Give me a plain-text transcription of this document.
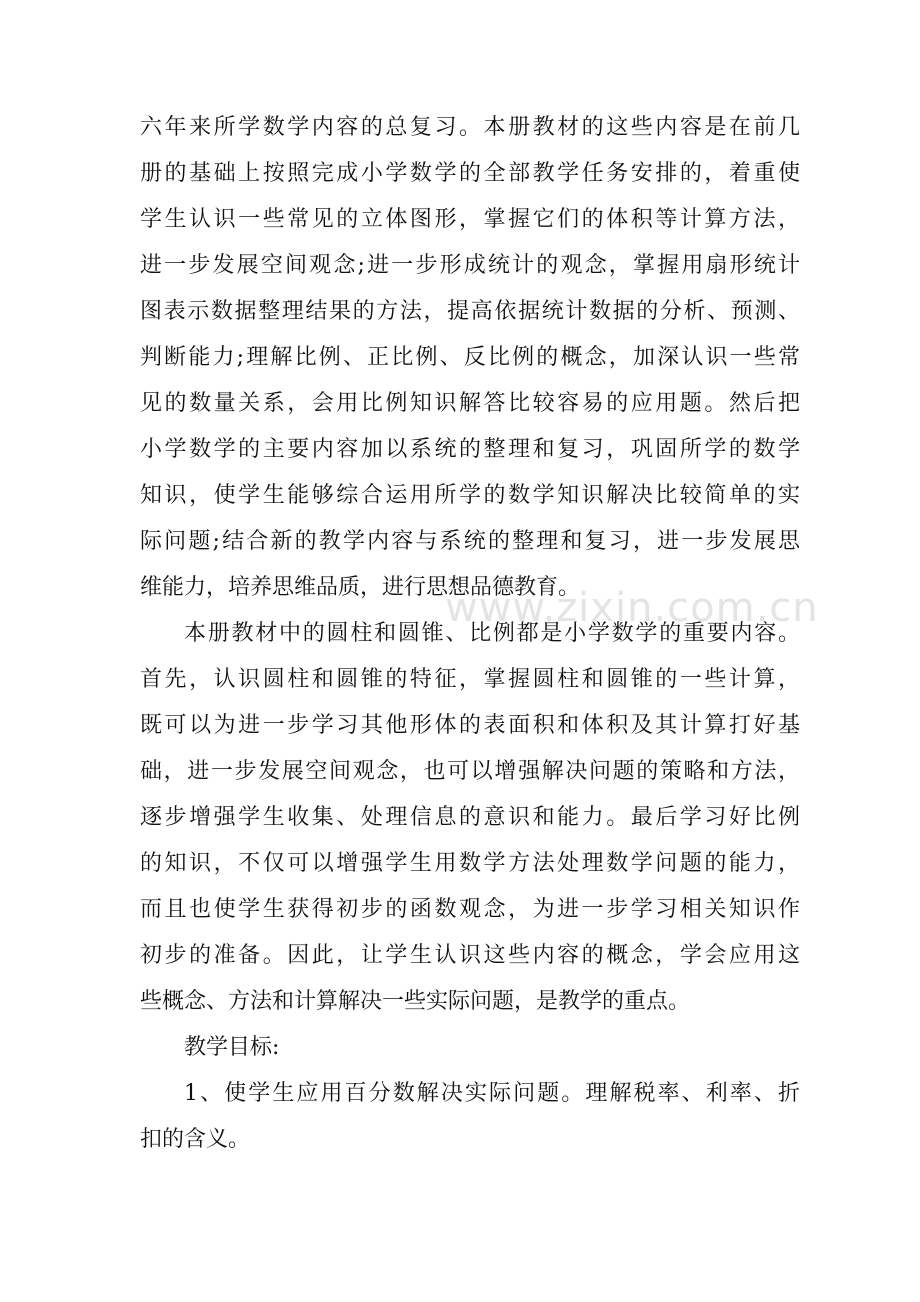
www.zixin.com.cn
六年来所学数学内容的总复习。本册教材的这些内容是在前几
册的基础上按照完成小学数学的全部教学任务安排的，着重使
学生认识一些常见的立体图形，掌握它们的体积等计算方法，
进一步发展空间观念;进一步形成统计的观念，掌握用扇形统计
图表示数据整理结果的方法，提高依据统计数据的分析、预测、
判断能力;理解比例、正比例、反比例的概念，加深认识一些常
见的数量关系，会用比例知识解答比较容易的应用题。然后把
小学数学的主要内容加以系统的整理和复习，巩固所学的数学
知识，使学生能够综合运用所学的数学知识解决比较简单的实
际问题;结合新的教学内容与系统的整理和复习，进一步发展思
维能力，培养思维品质，进行思想品德教育。
本册教材中的圆柱和圆锥、比例都是小学数学的重要内容。
首先，认识圆柱和圆锥的特征，掌握圆柱和圆锥的一些计算，
既可以为进一步学习其他形体的表面积和体积及其计算打好基
础，进一步发展空间观念，也可以增强解决问题的策略和方法，
逐步增强学生收集、处理信息的意识和能力。最后学习好比例
的知识，不仅可以增强学生用数学方法处理数学问题的能力，
而且也使学生获得初步的函数观念，为进一步学习相关知识作
初步的准备。因此，让学生认识这些内容的概念，学会应用这
些概念、方法和计算解决一些实际问题，是教学的重点。
教学目标:
1、使学生应用百分数解决实际问题。理解税率、利率、折
扣的含义。
